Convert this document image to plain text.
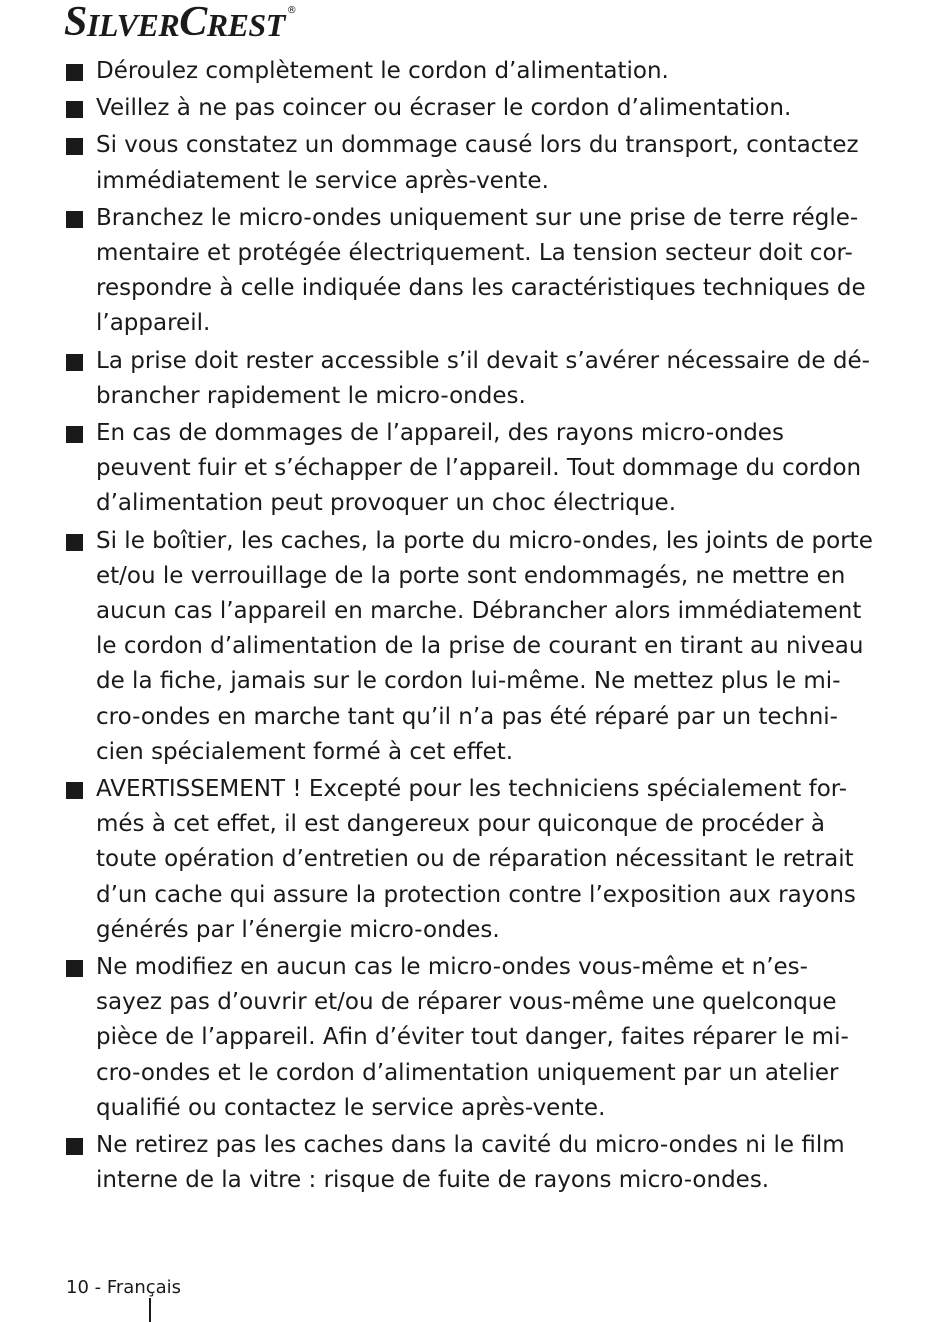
S ILVER C REST ®
Déroulez complètement le cordon d’alimentation.
Veillez à ne pas coincer ou écraser le cordon d’alimentation.
Si vous constatez un dommage causé lors du transport, contactez
immédiatement le service après-vente.
Branchez le micro-ondes uniquement sur une prise de terre régle-
mentaire et protégée électriquement. La tension secteur doit cor-
respondre à celle indiquée dans les caractéristiques techniques de
l’appareil.
La prise doit rester accessible s’il devait s’avérer nécessaire de dé-
brancher rapidement le micro-ondes.
En cas de dommages de l’appareil, des rayons micro-ondes
peuvent fuir et s’échapper de l’appareil. Tout dommage du cordon
d’alimentation peut provoquer un choc électrique.
Si le boîtier, les caches, la porte du micro-ondes, les joints de porte
et/ou le verrouillage de la porte sont endommagés, ne mettre en
aucun cas l’appareil en marche. Débrancher alors immédiatement
le cordon d’alimentation de la prise de courant en tirant au niveau
de la fiche, jamais sur le cordon lui-même. Ne mettez plus le mi-
cro-ondes en marche tant qu’il n’a pas été réparé par un techni-
cien spécialement formé à cet effet.
AVERTISSEMENT ! Excepté pour les techniciens spécialement for-
més à cet effet, il est dangereux pour quiconque de procéder à
toute opération d’entretien ou de réparation nécessitant le retrait
d’un cache qui assure la protection contre l’exposition aux rayons
générés par l’énergie micro-ondes.
Ne modifiez en aucun cas le micro-ondes vous-même et n’es-
sayez pas d’ouvrir et/ou de réparer vous-même une quelconque
pièce de l’appareil. Afin d’éviter tout danger, faites réparer le mi-
cro-ondes et le cordon d’alimentation uniquement par un atelier
qualifié ou contactez le service après-vente.
Ne retirez pas les caches dans la cavité du micro-ondes ni le film
interne de la vitre : risque de fuite de rayons micro-ondes.
10 - Français
